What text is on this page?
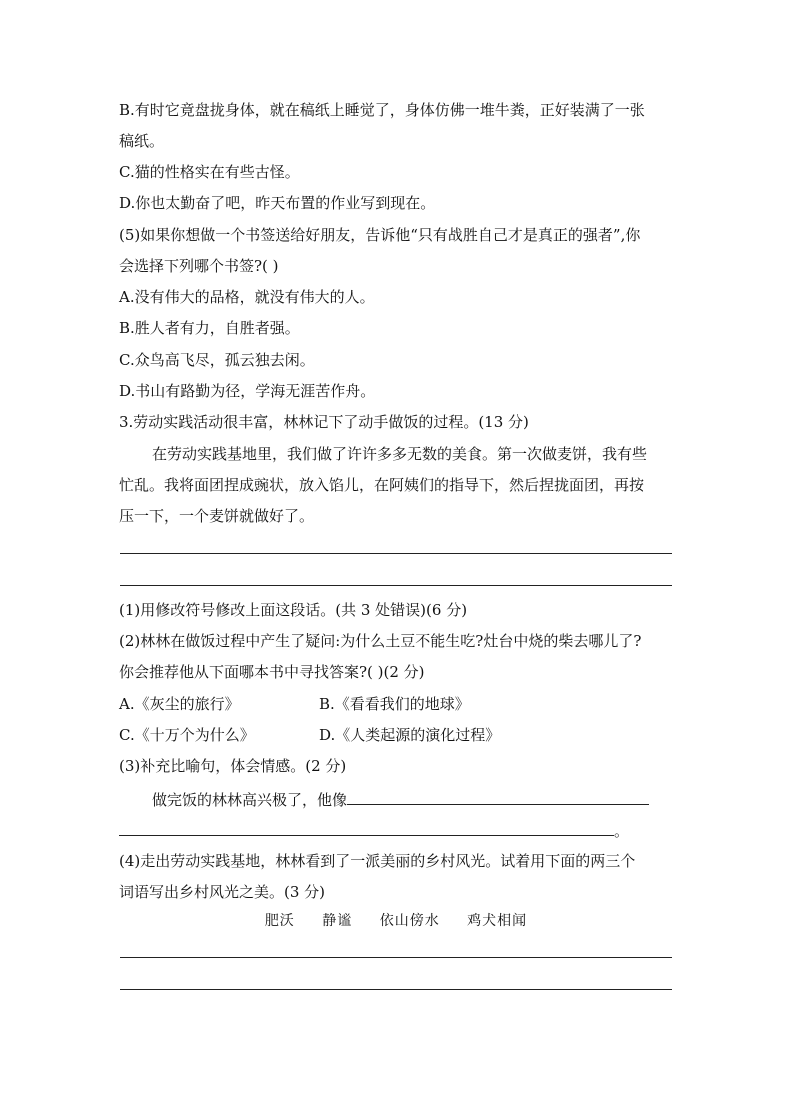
B.有时它竟盘拢身体，就在稿纸上睡觉了，身体仿佛一堆牛粪，正好装满了一张
稿纸。
C.猫的性格实在有些古怪。
D.你也太勤奋了吧，昨天布置的作业写到现在。
(5)如果你想做一个书签送给好朋友，告诉他“只有战胜自己才是真正的强者”,你
会选择下列哪个书签?( )
A.没有伟大的品格，就没有伟大的人。
B.胜人者有力，自胜者强。
C.众鸟高飞尽，孤云独去闲。
D.书山有路勤为径，学海无涯苦作舟。
3.劳动实践活动很丰富，林林记下了动手做饭的过程。(13 分)
在劳动实践基地里，我们做了许许多多无数的美食。第一次做麦饼，我有些
忙乱。我将面团捏成豌状，放入馅儿，在阿姨们的指导下，然后捏拢面团，再按
压一下，一个麦饼就做好了。
(1)用修改符号修改上面这段话。(共 3 处错误)(6 分)
(2)林林在做饭过程中产生了疑问:为什么土豆不能生吃?灶台中烧的柴去哪儿了?
你会推荐他从下面哪本书中寻找答案?( )(2 分)
A.《灰尘的旅行》	B.《看看我们的地球》
C.《十万个为什么》	D.《人类起源的演化过程》
(3)补充比喻句，体会情感。(2 分)
做完饭的林林高兴极了，他像
。
(4)走出劳动实践基地，林林看到了一派美丽的乡村风光。试着用下面的两三个
词语写出乡村风光之美。(3 分)
肥沃 静谧 依山傍水 鸡犬相闻
